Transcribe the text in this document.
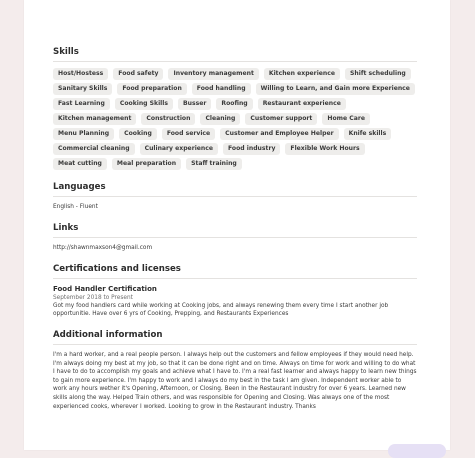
Skills
Host/Hostess	Food safety	Inventory management	Kitchen experience	Shift scheduling
Sanitary Skills	Food preparation	Food handling	Willing to Learn, and Gain more Experience
Fast Learning	Cooking Skills	Busser	Roofing	Restaurant experience
Kitchen management	Construction	Cleaning	Customer support	Home Care
Menu Planning	Cooking	Food service	Customer and Employee Helper	Knife skills
Commercial cleaning	Culinary experience	Food industry	Flexible Work Hours
Meat cutting	Meal preparation	Staff training
Languages
English - Fluent
Links
http://shawnmaxson4@gmail.com
Certifications and licenses
Food Handler Certification
September 2018 to Present
Got my food handlers card while working at Cooking jobs, and always renewing them every time I start another job opportunitie. Have over 6 yrs of Cooking, Prepping, and Restaurants Experiences
Additional information
I'm a hard worker, and a real people person. I always help out the customers and fellow employees if they would need help. I'm always doing my best at my job, so that it can be done right and on time. Always on time for work and willing to do what I have to do to accomplish my goals and achieve what I have to. I'm a real fast learner and always happy to learn new things to gain more experience. I'm happy to work and I always do my best in the task I am given. Independent worker able to work any hours wether it's Opening, Afternoon, or Closing. Been in the Restaurant industry for over 6 years. Learned new skills along the way. Helped Train others, and was responsible for Opening and Closing. Was always one of the most experienced cooks, wherever I worked. Looking to grow in the Restaurant industry. Thanks
